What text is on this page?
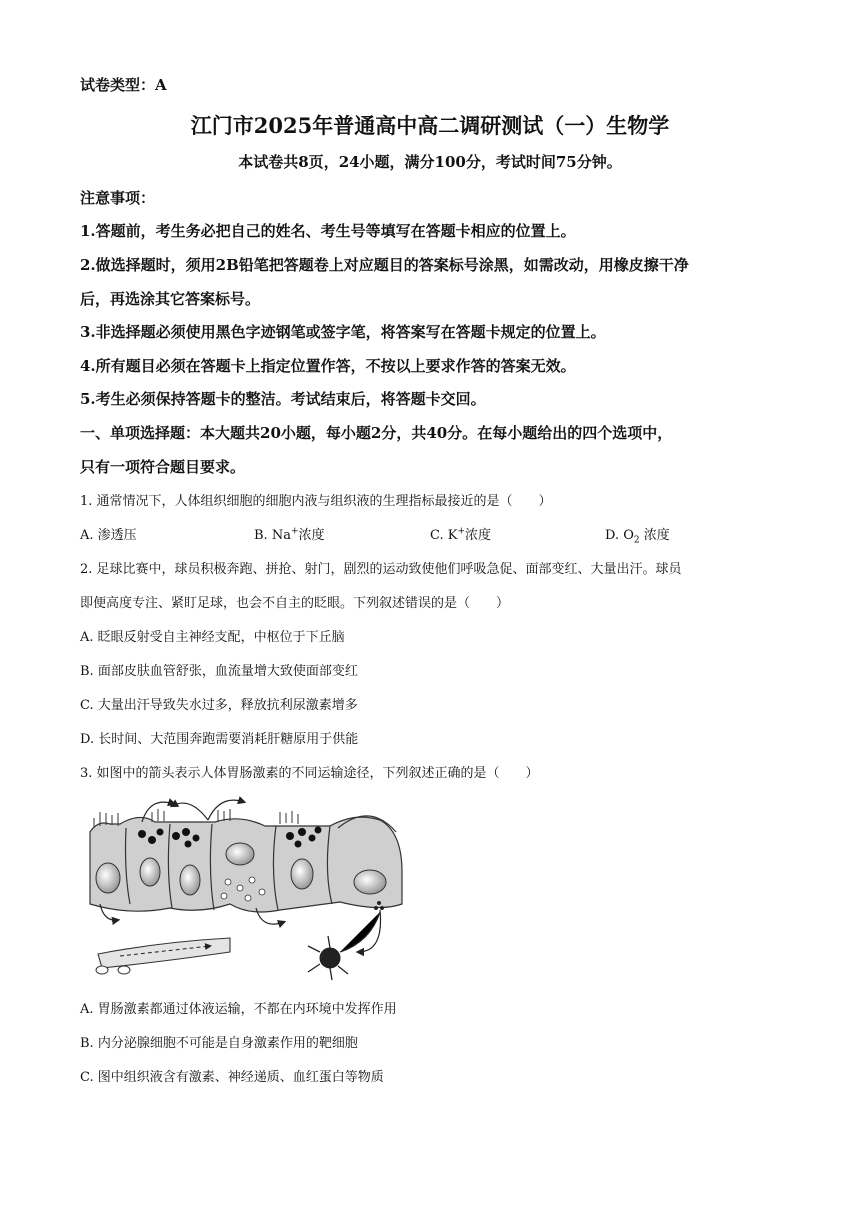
试卷类型：A
江门市2025年普通高中高二调研测试（一）生物学
本试卷共8页，24小题，满分100分，考试时间75分钟。
注意事项：
1.答题前，考生务必把自己的姓名、考生号等填写在答题卡相应的位置上。
2.做选择题时，须用2B铅笔把答题卷上对应题目的答案标号涂黑，如需改动，用橡皮擦干净
后，再选涂其它答案标号。
3.非选择题必须使用黑色字迹钢笔或签字笔，将答案写在答题卡规定的位置上。
4.所有题目必须在答题卡上指定位置作答，不按以上要求作答的答案无效。
5.考生必须保持答题卡的整洁。考试结束后，将答题卡交回。
一、单项选择题：本大题共20小题，每小题2分，共40分。在每小题给出的四个选项中，
只有一项符合题目要求。
1. 通常情况下，人体组织细胞的细胞内液与组织液的生理指标最接近的是（　　）
A. 渗透压	B. Na+浓度	C. K+浓度	D. $O_2$ 浓度
2. 足球比赛中，球员积极奔跑、拼抢、射门，剧烈的运动致使他们呼吸急促、面部变红、大量出汗。球员
即便高度专注、紧盯足球，也会不自主的眨眼。下列叙述错误的是（　　）
A. 眨眼反射受自主神经支配，中枢位于下丘脑
B. 面部皮肤血管舒张，血流量增大致使面部变红
C. 大量出汗导致失水过多，释放抗利尿激素增多
D. 长时间、大范围奔跑需要消耗肝糖原用于供能
3. 如图中的箭头表示人体胃肠激素的不同运输途径，下列叙述正确的是（　　）
A. 胃肠激素都通过体液运输，不都在内环境中发挥作用
B. 内分泌腺细胞不可能是自身激素作用的靶细胞
C. 图中组织液含有激素、神经递质、血红蛋白等物质
